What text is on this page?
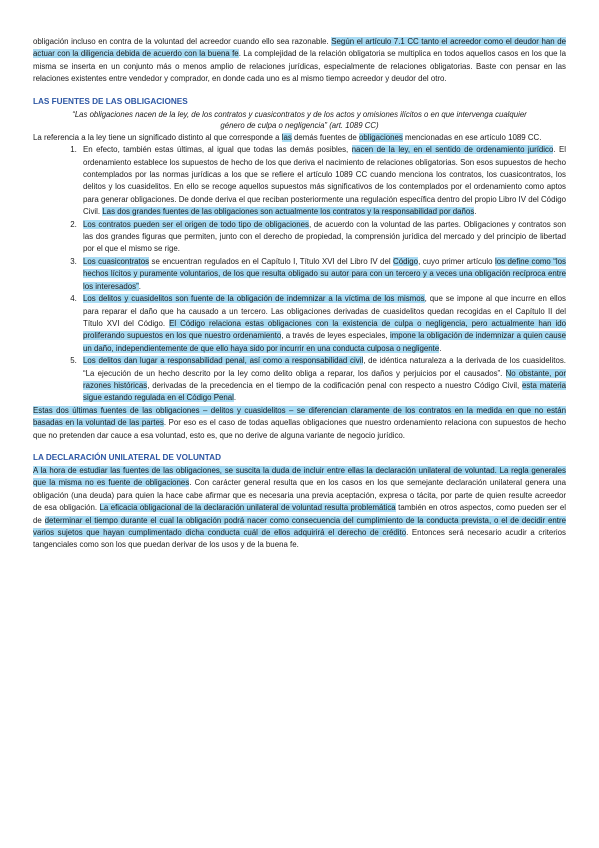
obligación incluso en contra de la voluntad del acreedor cuando ello sea razonable. Según el artículo 7.1 CC tanto el acreedor como el deudor han de actuar con la diligencia debida de acuerdo con la buena fe. La complejidad de la relación obligatoria se multiplica en todos aquellos casos en los que la misma se inserta en un conjunto más o menos amplio de relaciones jurídicas, especialmente de relaciones obligatorias. Baste con pensar en las relaciones existentes entre vendedor y comprador, en donde cada uno es al mismo tiempo acreedor y deudor del otro.

LAS FUENTES DE LAS OBLIGACIONES

“Las obligaciones nacen de la ley, de los contratos y cuasicontratos y de los actos y omisiones ilícitos o en que intervenga cualquier género de culpa o negligencia” (art. 1089 CC)

La referencia a la ley tiene un significado distinto al que corresponde a las demás fuentes de obligaciones mencionadas en ese artículo 1089 CC.

1. En efecto, también estas últimas, al igual que todas las demás posibles, nacen de la ley, en el sentido de ordenamiento jurídico. El ordenamiento establece los supuestos de hecho de los que deriva el nacimiento de relaciones obligatorias. Son esos supuestos de hecho contemplados por las normas jurídicas a los que se refiere el artículo 1089 CC cuando menciona los contratos, los cuasicontratos, los delitos y los cuasidelitos. En ello se recoge aquellos supuestos más significativos de los contemplados por el ordenamiento como aptos para generar obligaciones. De donde deriva el que reciban posteriormente una regulación específica dentro del propio Libro IV del Código Civil. Las dos grandes fuentes de las obligaciones son actualmente los contratos y la responsabilidad por daños.
2. Los contratos pueden ser el origen de todo tipo de obligaciones, de acuerdo con la voluntad de las partes. Obligaciones y contratos son las dos grandes figuras que permiten, junto con el derecho de propiedad, la comprensión jurídica del mercado y del principio de libertad por el que el mismo se rige.
3. Los cuasicontratos se encuentran regulados en el Capítulo I, Título XVI del Libro IV del Código, cuyo primer artículo los define como “los hechos lícitos y puramente voluntarios, de los que resulta obligado su autor para con un tercero y a veces una obligación recíproca entre los interesados”.
4. Los delitos y cuasidelitos son fuente de la obligación de indemnizar a la víctima de los mismos, que se impone al que incurre en ellos para reparar el daño que ha causado a un tercero. Las obligaciones derivadas de cuasidelitos quedan recogidas en el Capítulo II del Título XVI del Código. El Código relaciona estas obligaciones con la existencia de culpa o negligencia, pero actualmente han ido proliferando supuestos en los que nuestro ordenamiento, a través de leyes especiales, impone la obligación de indemnizar a quien cause un daño, independientemente de que ello haya sido por incurrir en una conducta culposa o negligente.
5. Los delitos dan lugar a responsabilidad penal, así como a responsabilidad civil, de idéntica naturaleza a la derivada de los cuasidelitos. “La ejecución de un hecho descrito por la ley como delito obliga a reparar, los daños y perjuicios por el causados”. No obstante, por razones históricas, derivadas de la precedencia en el tiempo de la codificación penal con respecto a nuestro Código Civil, esta materia sigue estando regulada en el Código Penal.

Estas dos últimas fuentes de las obligaciones – delitos y cuasidelitos – se diferencian claramente de los contratos en la medida en que no están basadas en la voluntad de las partes. Por eso es el caso de todas aquellas obligaciones que nuestro ordenamiento relaciona con supuestos de hecho que no pretenden dar cauce a esa voluntad, esto es, que no derive de alguna variante de negocio jurídico.

LA DECLARACIÓN UNILATERAL DE VOLUNTAD

A la hora de estudiar las fuentes de las obligaciones, se suscita la duda de incluir entre ellas la declaración unilateral de voluntad. La regla generales que la misma no es fuente de obligaciones. Con carácter general resulta que en los casos en los que semejante declaración unilateral genera una obligación (una deuda) para quien la hace cabe afirmar que es necesaria una previa aceptación, expresa o tácita, por parte de quien resulte acreedor de esa obligación. La eficacia obligacional de la declaración unilateral de voluntad resulta problemática también en otros aspectos, como pueden ser el de determinar el tiempo durante el cual la obligación podrá nacer como consecuencia del cumplimiento de la conducta prevista, o el de decidir entre varios sujetos que hayan cumplimentado dicha conducta cuál de ellos adquirirá el derecho de crédito. Entonces será necesario acudir a criterios tangenciales como son los que puedan derivar de los usos y de la buena fe.
